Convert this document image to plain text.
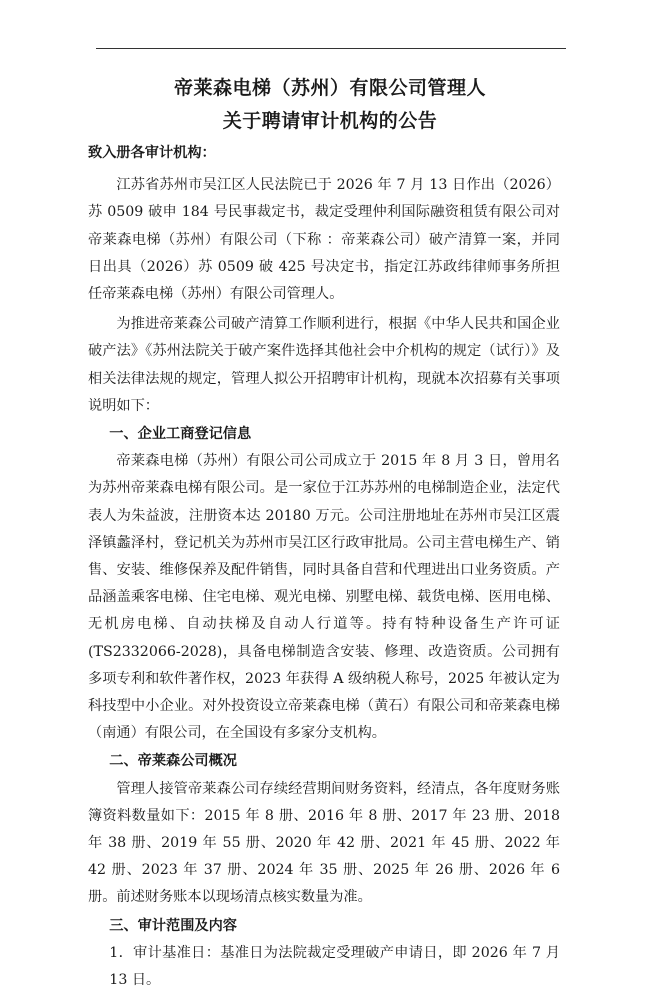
帝莱森电梯（苏州）有限公司管理人
关于聘请审计机构的公告

致入册各审计机构：

江苏省苏州市吴江区人民法院已于 2026 年 7 月 13 日作出（2026）苏 0509 破申 184 号民事裁定书，裁定受理仲利国际融资租赁有限公司对帝莱森电梯（苏州）有限公司（下称 ：帝莱森公司）破产清算一案，并同日出具（2026）苏 0509 破 425 号决定书，指定江苏政纬律师事务所担任帝莱森电梯（苏州）有限公司管理人。

为推进帝莱森公司破产清算工作顺利进行，根据《中华人民共和国企业破产法》《苏州法院关于破产案件选择其他社会中介机构的规定（试行）》及相关法律法规的规定，管理人拟公开招聘审计机构，现就本次招募有关事项说明如下：

一、企业工商登记信息

帝莱森电梯（苏州）有限公司公司成立于 2015 年 8 月 3 日，曾用名为苏州帝莱森电梯有限公司。是一家位于江苏苏州的电梯制造企业，法定代表人为朱益波，注册资本达 20180 万元。公司注册地址在苏州市吴江区震泽镇蠡泽村，登记机关为苏州市吴江区行政审批局。公司主营电梯生产、销售、安装、维修保养及配件销售，同时具备自营和代理进出口业务资质。产品涵盖乘客电梯、住宅电梯、观光电梯、别墅电梯、载货电梯、医用电梯、无机房电梯、自动扶梯及自动人行道等。持有特种设备生产许可证(TS2332066-2028)，具备电梯制造含安装、修理、改造资质。公司拥有多项专利和软件著作权，2023 年获得 A 级纳税人称号，2025 年被认定为科技型中小企业。对外投资设立帝莱森电梯（黄石）有限公司和帝莱森电梯（南通）有限公司，在全国设有多家分支机构。

二、帝莱森公司概况

管理人接管帝莱森公司存续经营期间财务资料，经清点，各年度财务账簿资料数量如下：2015 年 8 册、2016 年 8 册、2017 年 23 册、2018 年 38 册、2019 年 55 册、2020 年 42 册、2021 年 45 册、2022 年 42 册、2023 年 37 册、2024 年 35 册、2025 年 26 册、2026 年 6 册。前述财务账本以现场清点核实数量为准。

三、审计范围及内容

1．审计基准日：基准日为法院裁定受理破产申请日，即 2026 年 7 月 13 日。
